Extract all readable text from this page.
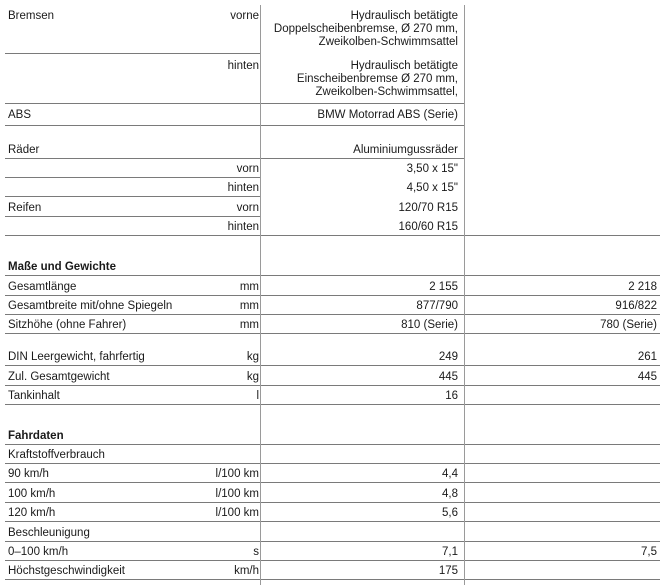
Bremsen	vorne	Hydraulisch betätigte
Doppelscheibenbremse, Ø 270 mm,
Zweikolben-Schwimmsattel
hinten	Hydraulisch betätigte
Einscheibenbremse Ø 270 mm,
Zweikolben-Schwimmsattel,
ABS	BMW Motorrad ABS (Serie)
Räder	Aluminiumgussräder
vorn	3,50 x 15"
hinten	4,50 x 15"
Reifen	vorn	120/70 R15
hinten	160/60 R15
Maße und Gewichte
Gesamtlänge	mm	2 155	2 218
Gesamtbreite mit/ohne Spiegeln	mm	877/790	916/822
Sitzhöhe (ohne Fahrer)	mm	810 (Serie)	780 (Serie)
DIN Leergewicht, fahrfertig	kg	249	261
Zul. Gesamtgewicht	kg	445	445
Tankinhalt	l	16
Fahrdaten
Kraftstoffverbrauch
90 km/h	l/100 km	4,4
100 km/h	l/100 km	4,8
120 km/h	l/100 km	5,6
Beschleunigung
0–100 km/h	s	7,1	7,5
Höchstgeschwindigkeit	km/h	175
